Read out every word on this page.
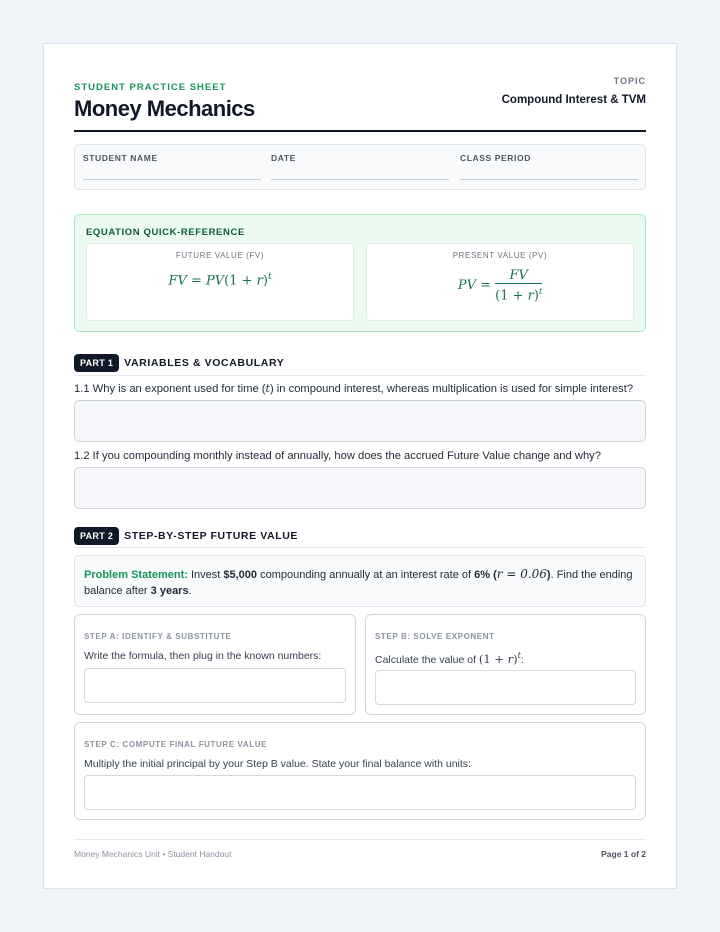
STUDENT PRACTICE SHEET
Money Mechanics
TOPIC
Compound Interest & TVM
STUDENT NAME	DATE	CLASS PERIOD
EQUATION QUICK-REFERENCE
FUTURE VALUE (FV)
FV = $PV(1 + r)^t$
PRESENT VALUE (PV)
PV = $\frac{FV}{(1 + r)^t}$
PART 1 VARIABLES & VOCABULARY
1.1 Why is an exponent used for time (t) in compound interest, whereas multiplication is used for simple interest?
1.2 If you compounding monthly instead of annually, how does the accrued Future Value change and why?
PART 2 STEP-BY-STEP FUTURE VALUE
Problem Statement: Invest $5,000 compounding annually at an interest rate of 6% (r = 0.06). Find the ending balance after 3 years.
STEP A: IDENTIFY & SUBSTITUTE
Write the formula, then plug in the known numbers:
STEP B: SOLVE EXPONENT
Calculate the value of $(1 + r)^t$:
STEP C: COMPUTE FINAL FUTURE VALUE
Multiply the initial principal by your Step B value. State your final balance with units:
Money Mechanics Unit • Student Handout	Page 1 of 2
